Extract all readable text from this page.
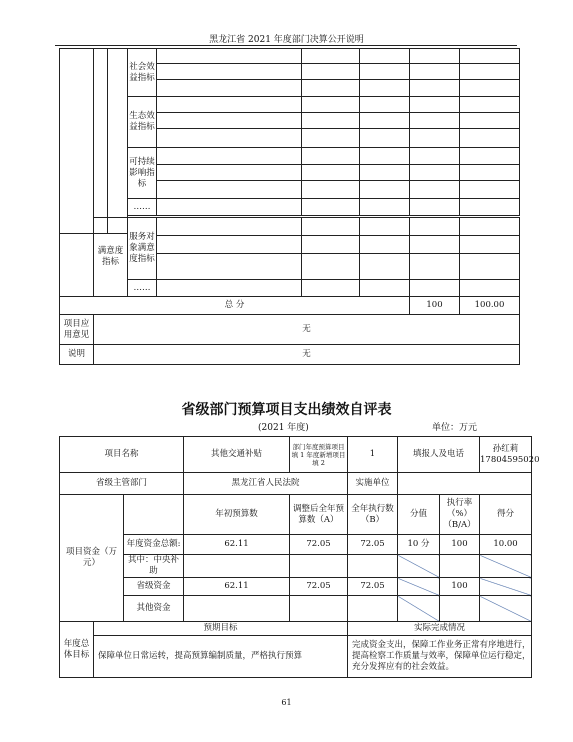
黑龙江省 2021 年度部门决算公开说明
			社会效益指标					

			生态效益指标					

			可持续影响指标					

			……					

	满意度指标	服务对象满意度指标					

		……					
总 分						100	100.00
项目应用意见	无						
说明	无						
省级部门预算项目支出绩效自评表
(2021 年度)	单位：万元
项目名称			其他交通补贴	部门年度预算项目填 1 年度新增项目填 2	1	填报人及电话		孙红莉 17804595020
省级主管部门			黑龙江省人民法院		实施单位			
项目资金（万元）			年初预算数	调整后全年预算数（A）	全年执行数（B）	分值	执行率（%）（B/A）	得分
		年度资金总额:	62.11	72.05	72.05	10 分	100	10.00
		其中：中央补助						
		省级资金	62.11	72.05	72.05		100	
		其他资金						
年度总体目标	预期目标				实际完成情况			
	保障单位日常运转，提高预算编制质量，严格执行预算				完成资金支出，保障工作业务正常有序地进行，提高检察工作质量与效率，保障单位运行稳定，充分发挥应有的社会效益。			
61
